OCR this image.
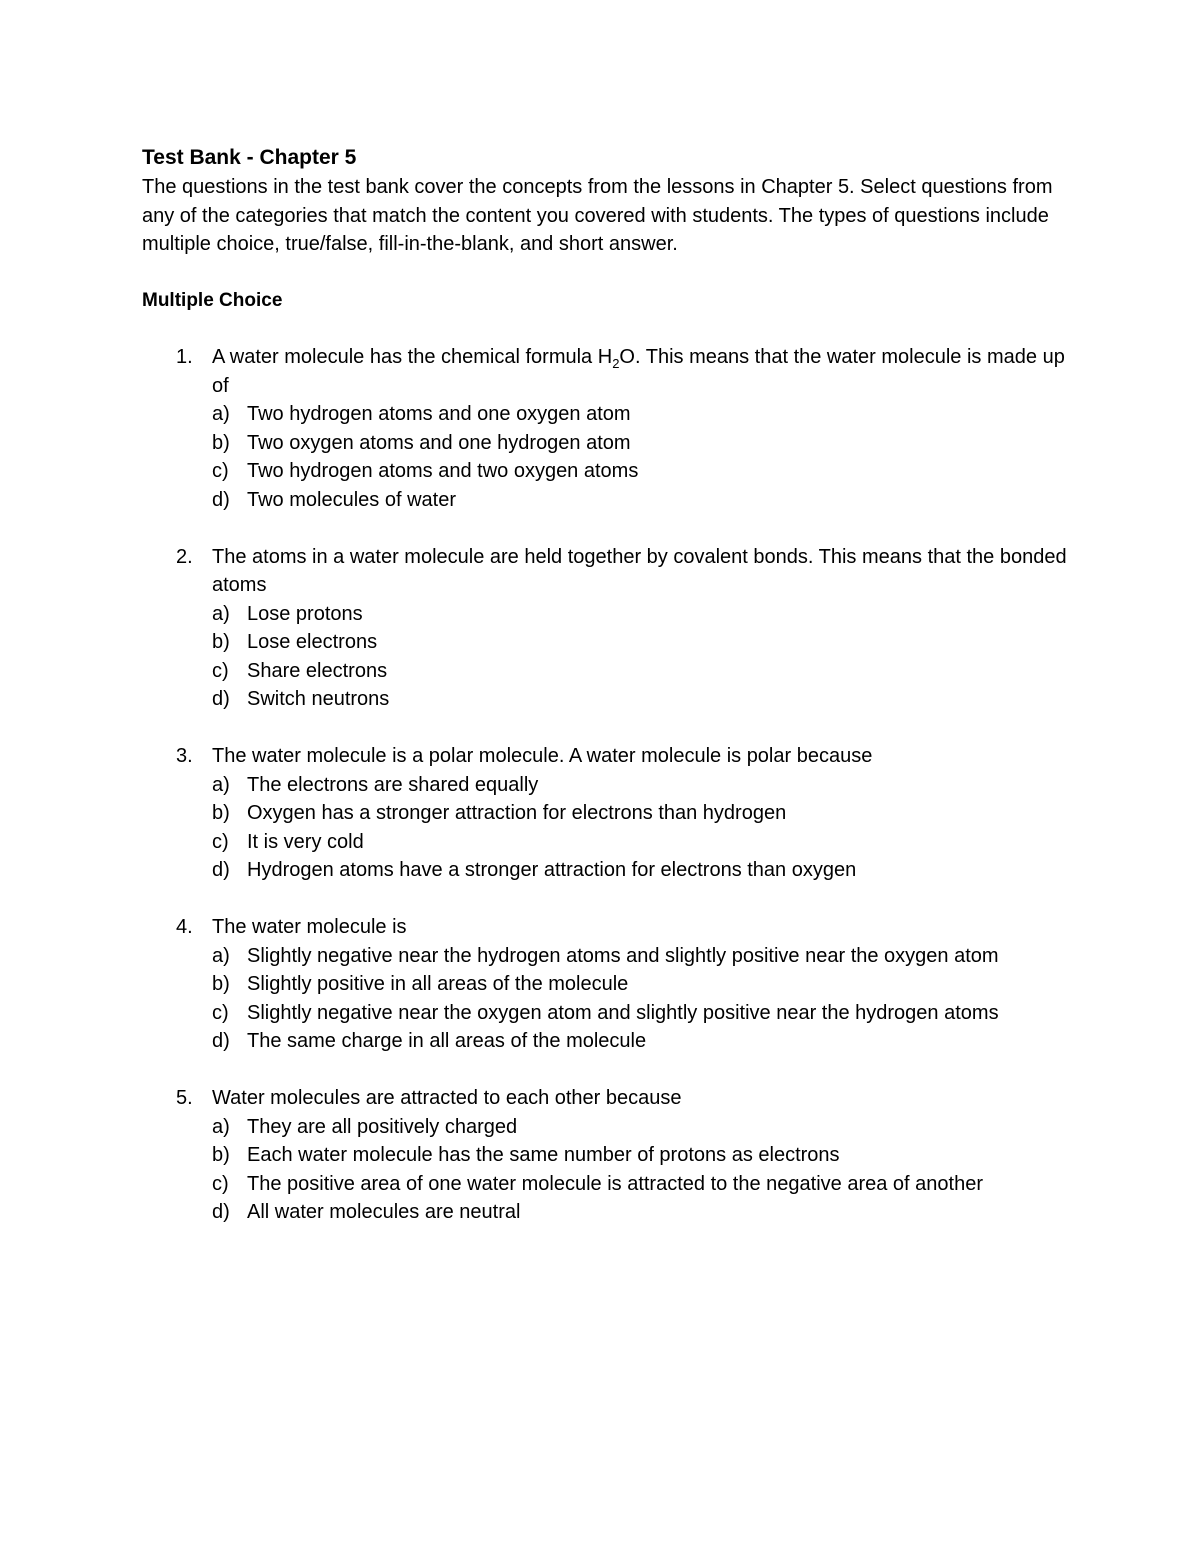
Test Bank - Chapter 5

The questions in the test bank cover the concepts from the lessons in Chapter 5. Select questions from any of the categories that match the content you covered with students. The types of questions include multiple choice, true/false, fill-in-the-blank, and short answer.

Multiple Choice
1. A water molecule has the chemical formula $H_2O$. This means that the water molecule is made up of
a) Two hydrogen atoms and one oxygen atom
b) Two oxygen atoms and one hydrogen atom
c) Two hydrogen atoms and two oxygen atoms
d) Two molecules of water
2. The atoms in a water molecule are held together by covalent bonds. This means that the bonded atoms
a) Lose protons
b) Lose electrons
c) Share electrons
d) Switch neutrons
3. The water molecule is a polar molecule. A water molecule is polar because
a) The electrons are shared equally
b) Oxygen has a stronger attraction for electrons than hydrogen
c) It is very cold
d) Hydrogen atoms have a stronger attraction for electrons than oxygen
4. The water molecule is
a) Slightly negative near the hydrogen atoms and slightly positive near the oxygen atom
b) Slightly positive in all areas of the molecule
c) Slightly negative near the oxygen atom and slightly positive near the hydrogen atoms
d) The same charge in all areas of the molecule
5. Water molecules are attracted to each other because
a) They are all positively charged
b) Each water molecule has the same number of protons as electrons
c) The positive area of one water molecule is attracted to the negative area of another
d) All water molecules are neutral
